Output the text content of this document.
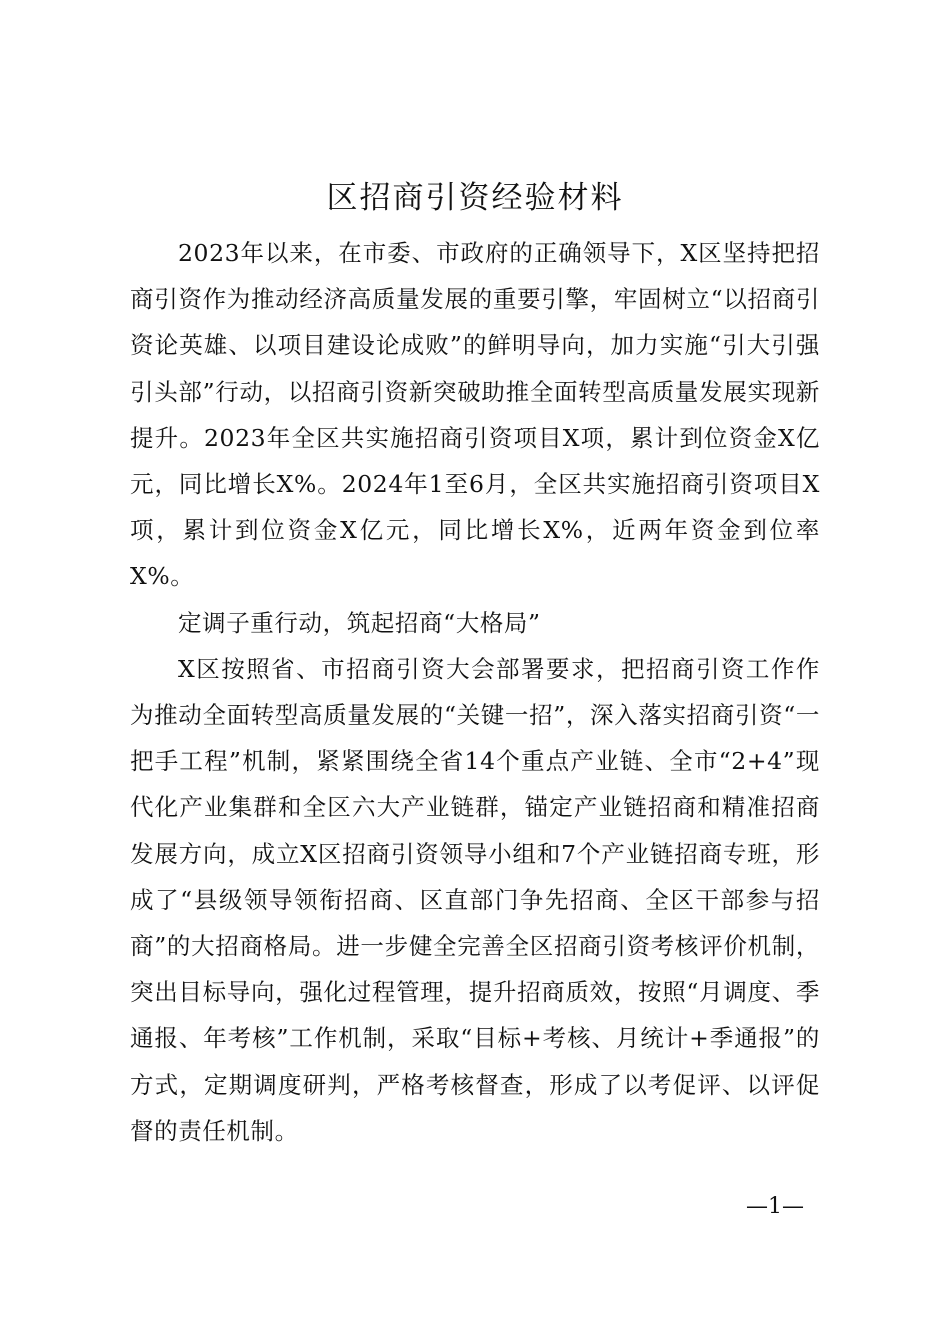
区招商引资经验材料

2023年以来，在市委、市政府的正确领导下，X区坚持把招商引资作为推动经济高质量发展的重要引擎，牢固树立“以招商引资论英雄、以项目建设论成败”的鲜明导向，加力实施“引大引强引头部”行动，以招商引资新突破助推全面转型高质量发展实现新提升。2023年全区共实施招商引资项目X项，累计到位资金X亿元，同比增长X%。2024年1至6月，全区共实施招商引资项目X项，累计到位资金X亿元，同比增长X%，近两年资金到位率X%。

定调子重行动，筑起招商“大格局”

X区按照省、市招商引资大会部署要求，把招商引资工作作为推动全面转型高质量发展的“关键一招”，深入落实招商引资“一把手工程”机制，紧紧围绕全省14个重点产业链、全市“2+4”现代化产业集群和全区六大产业链群，锚定产业链招商和精准招商发展方向，成立X区招商引资领导小组和7个产业链招商专班，形成了“县级领导领衔招商、区直部门争先招商、全区干部参与招商”的大招商格局。进一步健全完善全区招商引资考核评价机制，突出目标导向，强化过程管理，提升招商质效，按照“月调度、季通报、年考核”工作机制，采取“目标+考核、月统计+季通报”的方式，定期调度研判，严格考核督查，形成了以考促评、以评促督的责任机制。

—1—
